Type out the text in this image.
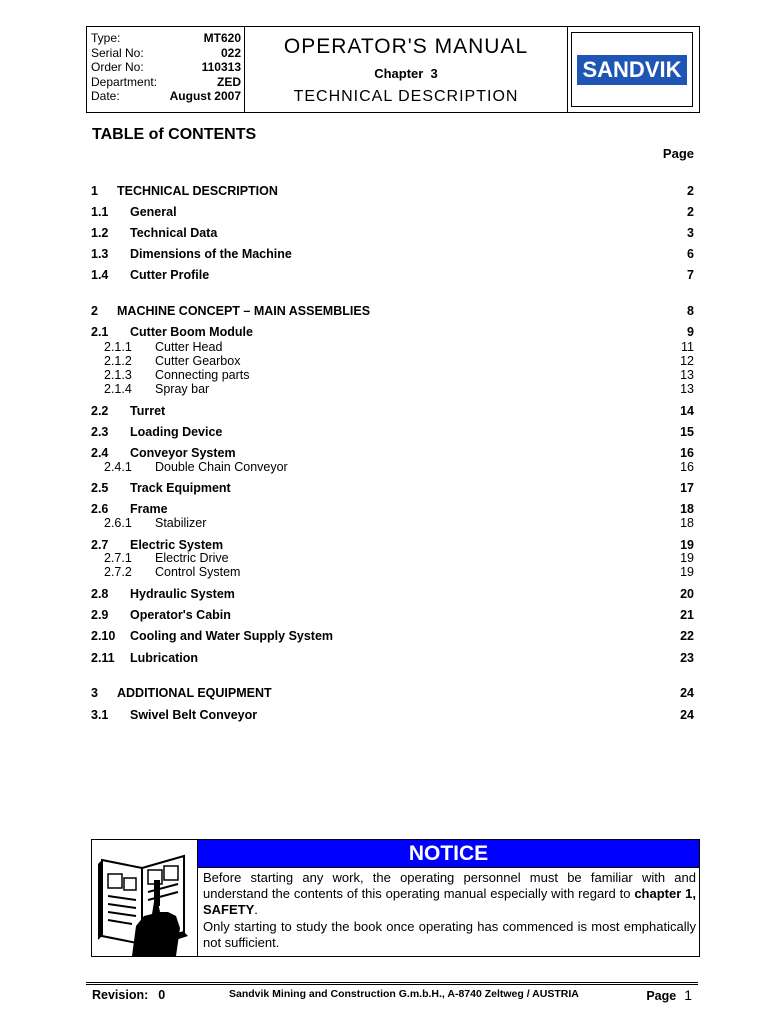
Type:	MT620
Serial No:	022
Order No:	110313
Department:	ZED
Date:	August 2007
OPERATOR'S MANUAL
Chapter  3
TECHNICAL DESCRIPTION
SANDVIK
TABLE of CONTENTS
Page
1	TECHNICAL DESCRIPTION	2
1.1	General	2
1.2	Technical Data	3
1.3	Dimensions of the Machine	6
1.4	Cutter Profile	7
2	MACHINE CONCEPT – MAIN ASSEMBLIES	8
2.1	Cutter Boom Module	9
2.1.1	Cutter Head	11
2.1.2	Cutter Gearbox	12
2.1.3	Connecting parts	13
2.1.4	Spray bar	13
2.2	Turret	14
2.3	Loading Device	15
2.4	Conveyor System	16
2.4.1	Double Chain Conveyor	16
2.5	Track Equipment	17
2.6	Frame	18
2.6.1	Stabilizer	18
2.7	Electric System	19
2.7.1	Electric Drive	19
2.7.2	Control System	19
2.8	Hydraulic System	20
2.9	Operator's Cabin	21
2.10	Cooling and Water Supply System	22
2.11	Lubrication	23
3	ADDITIONAL EQUIPMENT	24
3.1	Swivel Belt Conveyor	24
NOTICE

Before starting any work, the operating personnel must be familiar with and understand the contents of this operating manual especially with regard to chapter 1, SAFETY.

Only starting to study the book once operating has commenced is most emphatically not sufficient.

Revision: 0	Sandvik Mining and Construction G.m.b.H., A-8740 Zeltweg / AUSTRIA	Page 1
